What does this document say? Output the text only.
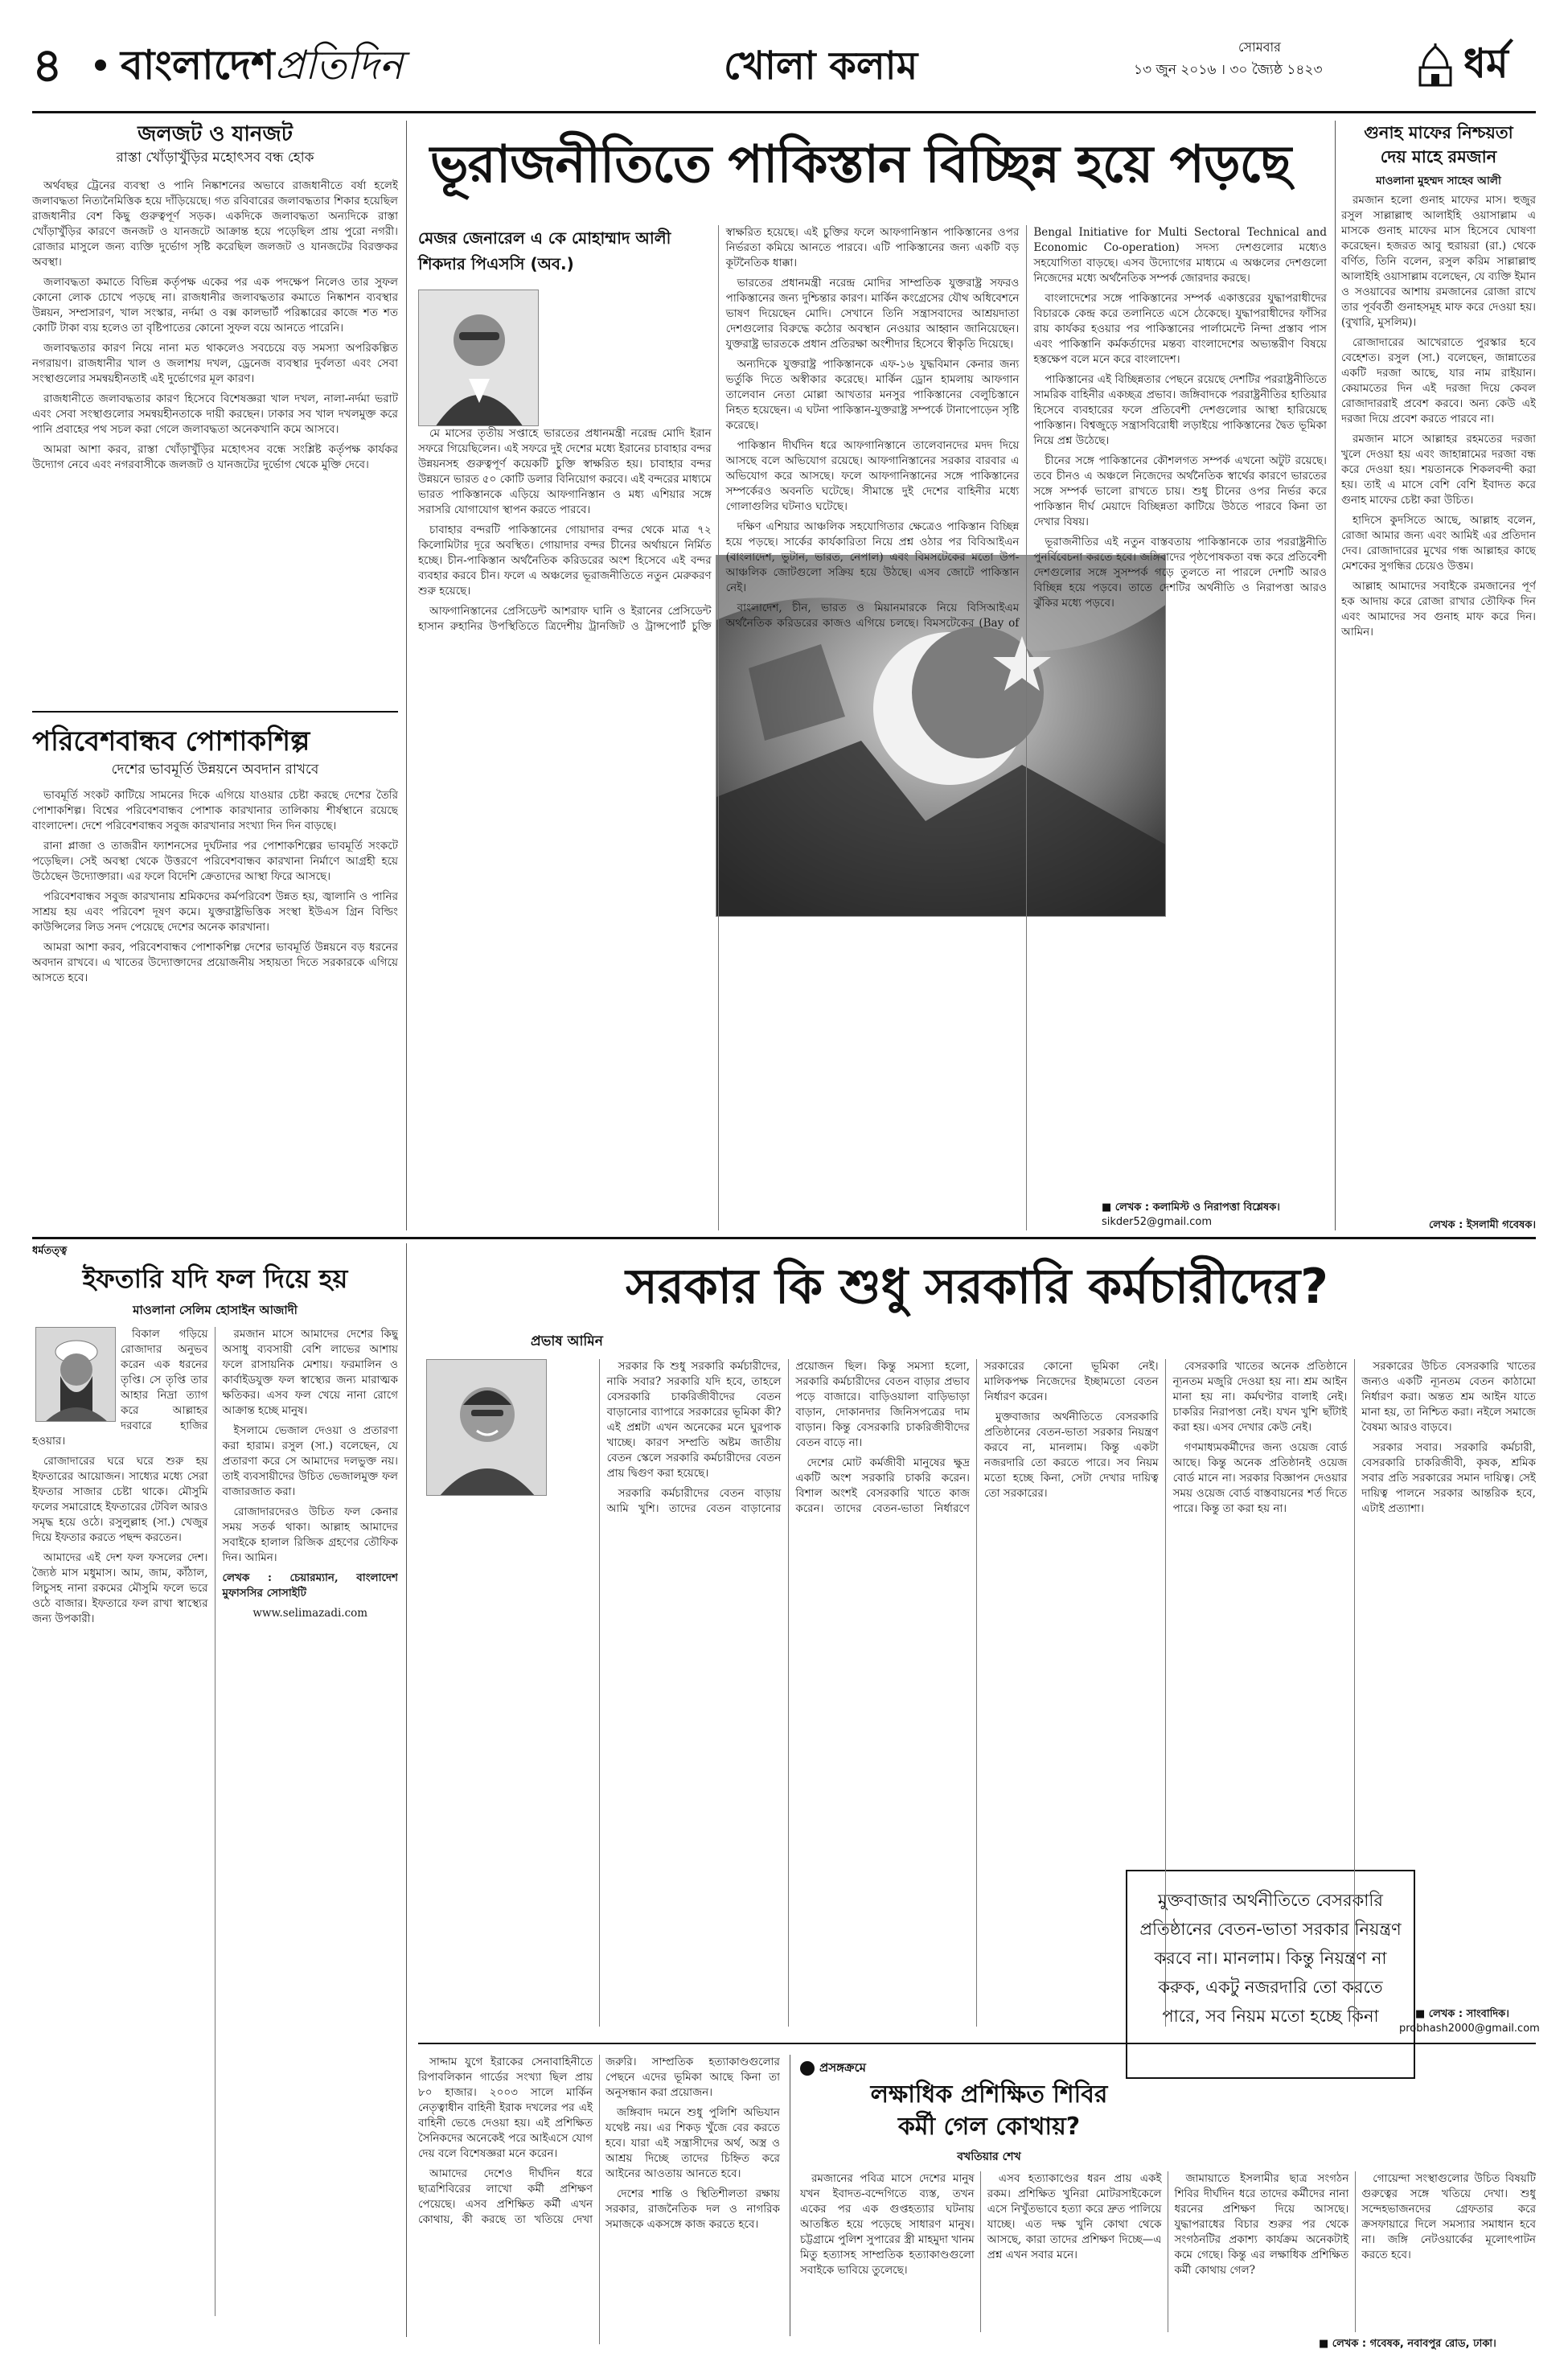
৪ বাংলাদেশপ্রতিদিন	খোলা কলাম	সোমবার
১৩ জুন ২০১৬ । ৩০ জ্যৈষ্ঠ ১৪২৩	ধর্ম
জলজট ও যানজট
রাস্তা খোঁড়াখুঁড়ির মহোৎসব বন্ধ হোক

অর্থবছর ট্রেনের ব্যবস্থা ও পানি নিষ্কাশনের অভাবে রাজধানীতে বর্ষা হলেই জলাবদ্ধতা নিত্যনৈমিত্তিক হয়ে দাঁড়িয়েছে। গত রবিবারের জলাবদ্ধতার শিকার হয়েছিল রাজধানীর বেশ কিছু গুরুত্বপূর্ণ সড়ক। একদিকে জলাবদ্ধতা অন্যদিকে রাস্তা খোঁড়াখুঁড়ির কারণে জনজট ও যানজটে আক্রান্ত হয়ে পড়েছিল প্রায় পুরো নগরী। রোজার মাসুলে জন্য ব্যক্তি দুর্ভোগ সৃষ্টি করেছিল জলজট ও যানজটের বিরক্তকর অবস্থা।

জলাবদ্ধতা কমাতে বিভিন্ন কর্তৃপক্ষ একের পর এক পদক্ষেপ নিলেও তার সুফল কোনো লোক চোখে পড়ছে না। রাজধানীর জলাবদ্ধতার কমাতে নিষ্কাশন ব্যবস্থার উন্নয়ন, সম্প্রসারণ, খাল সংস্কার, নর্দমা ও বক্স কালভার্ট পরিষ্কারের কাজে শত শত কোটি টাকা ব্যয় হলেও তা বৃষ্টিপাতের কোনো সুফল বয়ে আনতে পারেনি।

জলাবদ্ধতার কারণ নিয়ে নানা মত থাকলেও সবচেয়ে বড় সমস্যা অপরিকল্পিত নগরায়ণ। রাজধানীর খাল ও জলাশয় দখল, ড্রেনেজ ব্যবস্থার দুর্বলতা এবং সেবা সংস্থাগুলোর সমন্বয়হীনতাই এই দুর্ভোগের মূল কারণ।

রাজধানীতে জলাবদ্ধতার কারণ হিসেবে বিশেষজ্ঞরা খাল দখল, নালা-নর্দমা ভরাট এবং সেবা সংস্থাগুলোর সমন্বয়হীনতাকে দায়ী করছেন। ঢাকার সব খাল দখলমুক্ত করে পানি প্রবাহের পথ সচল করা গেলে জলাবদ্ধতা অনেকখানি কমে আসবে।

আমরা আশা করব, রাস্তা খোঁড়াখুঁড়ির মহোৎসব বন্ধে সংশ্লিষ্ট কর্তৃপক্ষ কার্যকর উদ্যোগ নেবে এবং নগরবাসীকে জলজট ও যানজটের দুর্ভোগ থেকে মুক্তি দেবে।

পরিবেশবান্ধব পোশাকশিল্প
দেশের ভাবমূর্তি উন্নয়নে অবদান রাখবে

ভাবমূর্তি সংকট কাটিয়ে সামনের দিকে এগিয়ে যাওয়ার চেষ্টা করছে দেশের তৈরি পোশাকশিল্প। বিশ্বের পরিবেশবান্ধব পোশাক কারখানার তালিকায় শীর্ষস্থানে রয়েছে বাংলাদেশ। দেশে পরিবেশবান্ধব সবুজ কারখানার সংখ্যা দিন দিন বাড়ছে।

রানা প্লাজা ও তাজরীন ফ্যাশনসের দুর্ঘটনার পর পোশাকশিল্পের ভাবমূর্তি সংকটে পড়েছিল। সেই অবস্থা থেকে উত্তরণে পরিবেশবান্ধব কারখানা নির্মাণে আগ্রহী হয়ে উঠেছেন উদ্যোক্তারা। এর ফলে বিদেশি ক্রেতাদের আস্থা ফিরে আসছে।

পরিবেশবান্ধব সবুজ কারখানায় শ্রমিকদের কর্মপরিবেশ উন্নত হয়, জ্বালানি ও পানির সাশ্রয় হয় এবং পরিবেশ দূষণ কমে। যুক্তরাষ্ট্রভিত্তিক সংস্থা ইউএস গ্রিন বিল্ডিং কাউন্সিলের লিড সনদ পেয়েছে দেশের অনেক কারখানা।

আমরা আশা করব, পরিবেশবান্ধব পোশাকশিল্প দেশের ভাবমূর্তি উন্নয়নে বড় ধরনের অবদান রাখবে। এ খাতের উদ্যোক্তাদের প্রয়োজনীয় সহায়তা দিতে সরকারকে এগিয়ে আসতে হবে।

ধর্মতত্ত্ব
ইফতারি যদি ফল দিয়ে হয়
মাওলানা সেলিম হোসাইন আজাদী

বিকাল গড়িয়ে রোজাদার অনুভব করেন এক ধরনের তৃপ্তি। সে তৃপ্তি তার আহার নিদ্রা ত্যাগ করে আল্লাহর দরবারে হাজির হওয়ার।

রোজাদারের ঘরে ঘরে শুরু হয় ইফতারের আয়োজন। সাধ্যের মধ্যে সেরা ইফতার সাজার চেষ্টা থাকে। মৌসুমি ফলের সমারোহে ইফতারের টেবিল আরও সমৃদ্ধ হয়ে ওঠে। রসুলুল্লাহ (সা.) খেজুর দিয়ে ইফতার করতে পছন্দ করতেন।

আমাদের এই দেশ ফল ফসলের দেশ। জ্যৈষ্ঠ মাস মধুমাস। আম, জাম, কাঁঠাল, লিচুসহ নানা রকমের মৌসুমি ফলে ভরে ওঠে বাজার। ইফতারে ফল রাখা স্বাস্থ্যের জন্য উপকারী।

রমজান মাসে আমাদের দেশের কিছু অসাধু ব্যবসায়ী বেশি লাভের আশায় ফলে রাসায়নিক মেশায়। ফরমালিন ও কার্বাইডযুক্ত ফল স্বাস্থ্যের জন্য মারাত্মক ক্ষতিকর। এসব ফল খেয়ে নানা রোগে আক্রান্ত হচ্ছে মানুষ।

ইসলামে ভেজাল দেওয়া ও প্রতারণা করা হারাম। রসুল (সা.) বলেছেন, যে প্রতারণা করে সে আমাদের দলভুক্ত নয়। তাই ব্যবসায়ীদের উচিত ভেজালমুক্ত ফল বাজারজাত করা।

রোজাদারদেরও উচিত ফল কেনার সময় সতর্ক থাকা। আল্লাহ আমাদের সবাইকে হালাল রিজিক গ্রহণের তৌফিক দিন। আমিন।

লেখক : চেয়ারম্যান, বাংলাদেশ মুফাসসির সোসাইটি

www.selimazadi.com

ভূরাজনীতিতে পাকিস্তান বিচ্ছিন্ন হয়ে পড়ছে
মেজর জেনারেল এ কে মোহাম্মাদ আলী শিকদার পিএসসি (অব.)

মে মাসের তৃতীয় সপ্তাহে ভারতের প্রধানমন্ত্রী নরেন্দ্র মোদি ইরান সফরে গিয়েছিলেন। এই সফরে দুই দেশের মধ্যে ইরানের চাবাহার বন্দর উন্নয়নসহ গুরুত্বপূর্ণ কয়েকটি চুক্তি স্বাক্ষরিত হয়। চাবাহার বন্দর উন্নয়নে ভারত ৫০ কোটি ডলার বিনিয়োগ করবে। এই বন্দরের মাধ্যমে ভারত পাকিস্তানকে এড়িয়ে আফগানিস্তান ও মধ্য এশিয়ার সঙ্গে সরাসরি যোগাযোগ স্থাপন করতে পারবে।

চাবাহার বন্দরটি পাকিস্তানের গোয়াদার বন্দর থেকে মাত্র ৭২ কিলোমিটার দূরে অবস্থিত। গোয়াদার বন্দর চীনের অর্থায়নে নির্মিত হচ্ছে। চীন-পাকিস্তান অর্থনৈতিক করিডরের অংশ হিসেবে এই বন্দর ব্যবহার করবে চীন। ফলে এ অঞ্চলের ভূরাজনীতিতে নতুন মেরুকরণ শুরু হয়েছে।

আফগানিস্তানের প্রেসিডেন্ট আশরাফ ঘানি ও ইরানের প্রেসিডেন্ট হাসান রুহানির উপস্থিতিতে ত্রিদেশীয় ট্রানজিট ও ট্রান্সপোর্ট চুক্তি স্বাক্ষরিত হয়েছে। এই চুক্তির ফলে আফগানিস্তান পাকিস্তানের ওপর নির্ভরতা কমিয়ে আনতে পারবে। এটি পাকিস্তানের জন্য একটি বড় কূটনৈতিক ধাক্কা।

ভারতের প্রধানমন্ত্রী নরেন্দ্র মোদির সাম্প্রতিক যুক্তরাষ্ট্র সফরও পাকিস্তানের জন্য দুশ্চিন্তার কারণ। মার্কিন কংগ্রেসের যৌথ অধিবেশনে ভাষণ দিয়েছেন মোদি। সেখানে তিনি সন্ত্রাসবাদের আশ্রয়দাতা দেশগুলোর বিরুদ্ধে কঠোর অবস্থান নেওয়ার আহ্বান জানিয়েছেন। যুক্তরাষ্ট্র ভারতকে প্রধান প্রতিরক্ষা অংশীদার হিসেবে স্বীকৃতি দিয়েছে।

অন্যদিকে যুক্তরাষ্ট্র পাকিস্তানকে এফ-১৬ যুদ্ধবিমান কেনার জন্য ভর্তুকি দিতে অস্বীকার করেছে। মার্কিন ড্রোন হামলায় আফগান তালেবান নেতা মোল্লা আখতার মনসুর পাকিস্তানের বেলুচিস্তানে নিহত হয়েছেন। এ ঘটনা পাকিস্তান-যুক্তরাষ্ট্র সম্পর্কে টানাপোড়েন সৃষ্টি করেছে।

পাকিস্তান দীর্ঘদিন ধরে আফগানিস্তানে তালেবানদের মদদ দিয়ে আসছে বলে অভিযোগ রয়েছে। আফগানিস্তানের সরকার বারবার এ অভিযোগ করে আসছে। ফলে আফগানিস্তানের সঙ্গে পাকিস্তানের সম্পর্কেরও অবনতি ঘটেছে। সীমান্তে দুই দেশের বাহিনীর মধ্যে গোলাগুলির ঘটনাও ঘটেছে।

দক্ষিণ এশিয়ার আঞ্চলিক সহযোগিতার ক্ষেত্রেও পাকিস্তান বিচ্ছিন্ন হয়ে পড়ছে। সার্কের কার্যকারিতা নিয়ে প্রশ্ন ওঠার পর বিবিআইএন (বাংলাদেশ, ভুটান, ভারত, নেপাল) এবং বিমসটেকের মতো উপ-আঞ্চলিক জোটগুলো সক্রিয় হয়ে উঠছে। এসব জোটে পাকিস্তান নেই।

বাংলাদেশ, চীন, ভারত ও মিয়ানমারকে নিয়ে বিসিআইএম অর্থনৈতিক করিডরের কাজও এগিয়ে চলছে। বিমসটেকের (Bay of Bengal Initiative for Multi Sectoral Technical and Economic Co-operation) সদস্য দেশগুলোর মধ্যেও সহযোগিতা বাড়ছে। এসব উদ্যোগের মাধ্যমে এ অঞ্চলের দেশগুলো নিজেদের মধ্যে অর্থনৈতিক সম্পর্ক জোরদার করছে।

বাংলাদেশের সঙ্গে পাকিস্তানের সম্পর্ক একাত্তরের যুদ্ধাপরাধীদের বিচারকে কেন্দ্র করে তলানিতে এসে ঠেকেছে। যুদ্ধাপরাধীদের ফাঁসির রায় কার্যকর হওয়ার পর পাকিস্তানের পার্লামেন্টে নিন্দা প্রস্তাব পাস এবং পাকিস্তানি কর্মকর্তাদের মন্তব্য বাংলাদেশের অভ্যন্তরীণ বিষয়ে হস্তক্ষেপ বলে মনে করে বাংলাদেশ।

পাকিস্তানের এই বিচ্ছিন্নতার পেছনে রয়েছে দেশটির পররাষ্ট্রনীতিতে সামরিক বাহিনীর একচ্ছত্র প্রভাব। জঙ্গিবাদকে পররাষ্ট্রনীতির হাতিয়ার হিসেবে ব্যবহারের ফলে প্রতিবেশী দেশগুলোর আস্থা হারিয়েছে পাকিস্তান। বিশ্বজুড়ে সন্ত্রাসবিরোধী লড়াইয়ে পাকিস্তানের দ্বৈত ভূমিকা নিয়ে প্রশ্ন উঠেছে।

চীনের সঙ্গে পাকিস্তানের কৌশলগত সম্পর্ক এখনো অটুট রয়েছে। তবে চীনও এ অঞ্চলে নিজেদের অর্থনৈতিক স্বার্থের কারণে ভারতের সঙ্গে সম্পর্ক ভালো রাখতে চায়। শুধু চীনের ওপর নির্ভর করে পাকিস্তান দীর্ঘ মেয়াদে বিচ্ছিন্নতা কাটিয়ে উঠতে পারবে কিনা তা দেখার বিষয়।

ভূরাজনীতির এই নতুন বাস্তবতায় পাকিস্তানকে তার পররাষ্ট্রনীতি পুনর্বিবেচনা করতে হবে। জঙ্গিবাদের পৃষ্ঠপোষকতা বন্ধ করে প্রতিবেশী দেশগুলোর সঙ্গে সুসম্পর্ক গড়ে তুলতে না পারলে দেশটি আরও বিচ্ছিন্ন হয়ে পড়বে। তাতে দেশটির অর্থনীতি ও নিরাপত্তা আরও ঝুঁকির মধ্যে পড়বে।

■ লেখক : কলামিস্ট ও নিরাপত্তা বিশ্লেষক।
sikder52@gmail.com
গুনাহ মাফের নিশ্চয়তা
দেয় মাহে রমজান
মাওলানা মুহম্মদ সাহেব আলী

রমজান হলো গুনাহ মাফের মাস। হুজুর রসুল সাল্লাল্লাহু আলাইহি ওয়াসাল্লাম এ মাসকে গুনাহ মাফের মাস হিসেবে ঘোষণা করেছেন। হজরত আবু হুরায়রা (রা.) থেকে বর্ণিত, তিনি বলেন, রসুল করিম সাল্লাল্লাহু আলাইহি ওয়াসাল্লাম বলেছেন, যে ব্যক্তি ইমান ও সওয়াবের আশায় রমজানের রোজা রাখে তার পূর্ববর্তী গুনাহসমূহ মাফ করে দেওয়া হয়। (বুখারি, মুসলিম)।

রোজাদারের আখেরাতে পুরস্কার হবে বেহেশত। রসুল (সা.) বলেছেন, জান্নাতের একটি দরজা আছে, যার নাম রাইয়ান। কেয়ামতের দিন এই দরজা দিয়ে কেবল রোজাদাররাই প্রবেশ করবে। অন্য কেউ এই দরজা দিয়ে প্রবেশ করতে পারবে না।

রমজান মাসে আল্লাহর রহমতের দরজা খুলে দেওয়া হয় এবং জাহান্নামের দরজা বন্ধ করে দেওয়া হয়। শয়তানকে শিকলবন্দী করা হয়। তাই এ মাসে বেশি বেশি ইবাদত করে গুনাহ মাফের চেষ্টা করা উচিত।

হাদিসে কুদসিতে আছে, আল্লাহ বলেন, রোজা আমার জন্য এবং আমিই এর প্রতিদান দেব। রোজাদারের মুখের গন্ধ আল্লাহর কাছে মেশকের সুগন্ধির চেয়েও উত্তম।

আল্লাহ আমাদের সবাইকে রমজানের পূর্ণ হক আদায় করে রোজা রাখার তৌফিক দিন এবং আমাদের সব গুনাহ মাফ করে দিন। আমিন।

লেখক : ইসলামী গবেষক।
সরকার কি শুধু সরকারি কর্মচারীদের?
প্রভাষ আমিন
মুক্তবাজার অর্থনীতিতে বেসরকারি প্রতিষ্ঠানের বেতন-ভাতা সরকার নিয়ন্ত্রণ করবে না। মানলাম। কিন্তু নিয়ন্ত্রণ না করুক, একটু নজরদারি তো করতে পারে, সব নিয়ম মতো হচ্ছে কিনা

সরকার কি শুধু সরকারি কর্মচারীদের, নাকি সবার? সরকারি যদি হবে, তাহলে বেসরকারি চাকরিজীবীদের বেতন বাড়ানোর ব্যাপারে সরকারের ভূমিকা কী? এই প্রশ্নটা এখন অনেকের মনে ঘুরপাক খাচ্ছে। কারণ সম্প্রতি অষ্টম জাতীয় বেতন স্কেলে সরকারি কর্মচারীদের বেতন প্রায় দ্বিগুণ করা হয়েছে।

সরকারি কর্মচারীদের বেতন বাড়ায় আমি খুশি। তাদের বেতন বাড়ানোর প্রয়োজন ছিল। কিন্তু সমস্যা হলো, সরকারি কর্মচারীদের বেতন বাড়ার প্রভাব পড়ে বাজারে। বাড়িওয়ালা বাড়িভাড়া বাড়ান, দোকানদার জিনিসপত্রের দাম বাড়ান। কিন্তু বেসরকারি চাকরিজীবীদের বেতন বাড়ে না।

দেশের মোট কর্মজীবী মানুষের ক্ষুদ্র একটি অংশ সরকারি চাকরি করেন। বিশাল অংশই বেসরকারি খাতে কাজ করেন। তাদের বেতন-ভাতা নির্ধারণে সরকারের কোনো ভূমিকা নেই। মালিকপক্ষ নিজেদের ইচ্ছামতো বেতন নির্ধারণ করেন।

মুক্তবাজার অর্থনীতিতে বেসরকারি প্রতিষ্ঠানের বেতন-ভাতা সরকার নিয়ন্ত্রণ করবে না, মানলাম। কিন্তু একটা নজরদারি তো করতে পারে। সব নিয়ম মতো হচ্ছে কিনা, সেটা দেখার দায়িত্ব তো সরকারের।

বেসরকারি খাতের অনেক প্রতিষ্ঠানে ন্যূনতম মজুরি দেওয়া হয় না। শ্রম আইন মানা হয় না। কর্মঘণ্টার বালাই নেই। চাকরির নিরাপত্তা নেই। যখন খুশি ছাঁটাই করা হয়। এসব দেখার কেউ নেই।

গণমাধ্যমকর্মীদের জন্য ওয়েজ বোর্ড আছে। কিন্তু অনেক প্রতিষ্ঠানই ওয়েজ বোর্ড মানে না। সরকার বিজ্ঞাপন দেওয়ার সময় ওয়েজ বোর্ড বাস্তবায়নের শর্ত দিতে পারে। কিন্তু তা করা হয় না।

সরকারের উচিত বেসরকারি খাতের জন্যও একটি ন্যূনতম বেতন কাঠামো নির্ধারণ করা। অন্তত শ্রম আইন যাতে মানা হয়, তা নিশ্চিত করা। নইলে সমাজে বৈষম্য আরও বাড়বে।

সরকার সবার। সরকারি কর্মচারী, বেসরকারি চাকরিজীবী, কৃষক, শ্রমিক সবার প্রতি সরকারের সমান দায়িত্ব। সেই দায়িত্ব পালনে সরকার আন্তরিক হবে, এটাই প্রত্যাশা।

■ লেখক : সাংবাদিক।
probhash2000@gmail.com

সাদ্দাম যুগে ইরাকের সেনাবাহিনীতে রিপাবলিকান গার্ডের সংখ্যা ছিল প্রায় ৮০ হাজার। ২০০৩ সালে মার্কিন নেতৃত্বাধীন বাহিনী ইরাক দখলের পর এই বাহিনী ভেঙে দেওয়া হয়। এই প্রশিক্ষিত সৈনিকদের অনেকেই পরে আইএসে যোগ দেয় বলে বিশেষজ্ঞরা মনে করেন।

আমাদের দেশেও দীর্ঘদিন ধরে ছাত্রশিবিরের লাখো কর্মী প্রশিক্ষণ পেয়েছে। এসব প্রশিক্ষিত কর্মী এখন কোথায়, কী করছে তা খতিয়ে দেখা জরুরি। সাম্প্রতিক হত্যাকাণ্ডগুলোর পেছনে এদের ভূমিকা আছে কিনা তা অনুসন্ধান করা প্রয়োজন।

জঙ্গিবাদ দমনে শুধু পুলিশি অভিযান যথেষ্ট নয়। এর শিকড় খুঁজে বের করতে হবে। যারা এই সন্ত্রাসীদের অর্থ, অস্ত্র ও আশ্রয় দিচ্ছে তাদের চিহ্নিত করে আইনের আওতায় আনতে হবে।

দেশের শান্তি ও স্থিতিশীলতা রক্ষায় সরকার, রাজনৈতিক দল ও নাগরিক সমাজকে একসঙ্গে কাজ করতে হবে।

প্রসঙ্গক্রমে
লক্ষাধিক প্রশিক্ষিত শিবির
কর্মী গেল কোথায়?
বখতিয়ার শেখ

রমজানের পবিত্র মাসে দেশের মানুষ যখন ইবাদত-বন্দেগিতে ব্যস্ত, তখন একের পর এক গুপ্তহত্যার ঘটনায় আতঙ্কিত হয়ে পড়েছে সাধারণ মানুষ। চট্টগ্রামে পুলিশ সুপারের স্ত্রী মাহমুদা খানম মিতু হত্যাসহ সাম্প্রতিক হত্যাকাণ্ডগুলো সবাইকে ভাবিয়ে তুলেছে।

এসব হত্যাকাণ্ডের ধরন প্রায় একই রকম। প্রশিক্ষিত খুনিরা মোটরসাইকেলে এসে নিখুঁতভাবে হত্যা করে দ্রুত পালিয়ে যাচ্ছে। এত দক্ষ খুনি কোথা থেকে আসছে, কারা তাদের প্রশিক্ষণ দিচ্ছে—এ প্রশ্ন এখন সবার মনে।

জামায়াতে ইসলামীর ছাত্র সংগঠন শিবির দীর্ঘদিন ধরে তাদের কর্মীদের নানা ধরনের প্রশিক্ষণ দিয়ে আসছে। যুদ্ধাপরাধের বিচার শুরুর পর থেকে সংগঠনটির প্রকাশ্য কার্যক্রম অনেকটাই কমে গেছে। কিন্তু এর লক্ষাধিক প্রশিক্ষিত কর্মী কোথায় গেল?

গোয়েন্দা সংস্থাগুলোর উচিত বিষয়টি গুরুত্বের সঙ্গে খতিয়ে দেখা। শুধু সন্দেহভাজনদের গ্রেফতার করে ক্রসফায়ারে দিলে সমস্যার সমাধান হবে না। জঙ্গি নেটওয়ার্কের মূলোৎপাটন করতে হবে।

■ লেখক : গবেষক, নবাবপুর রোড, ঢাকা।
